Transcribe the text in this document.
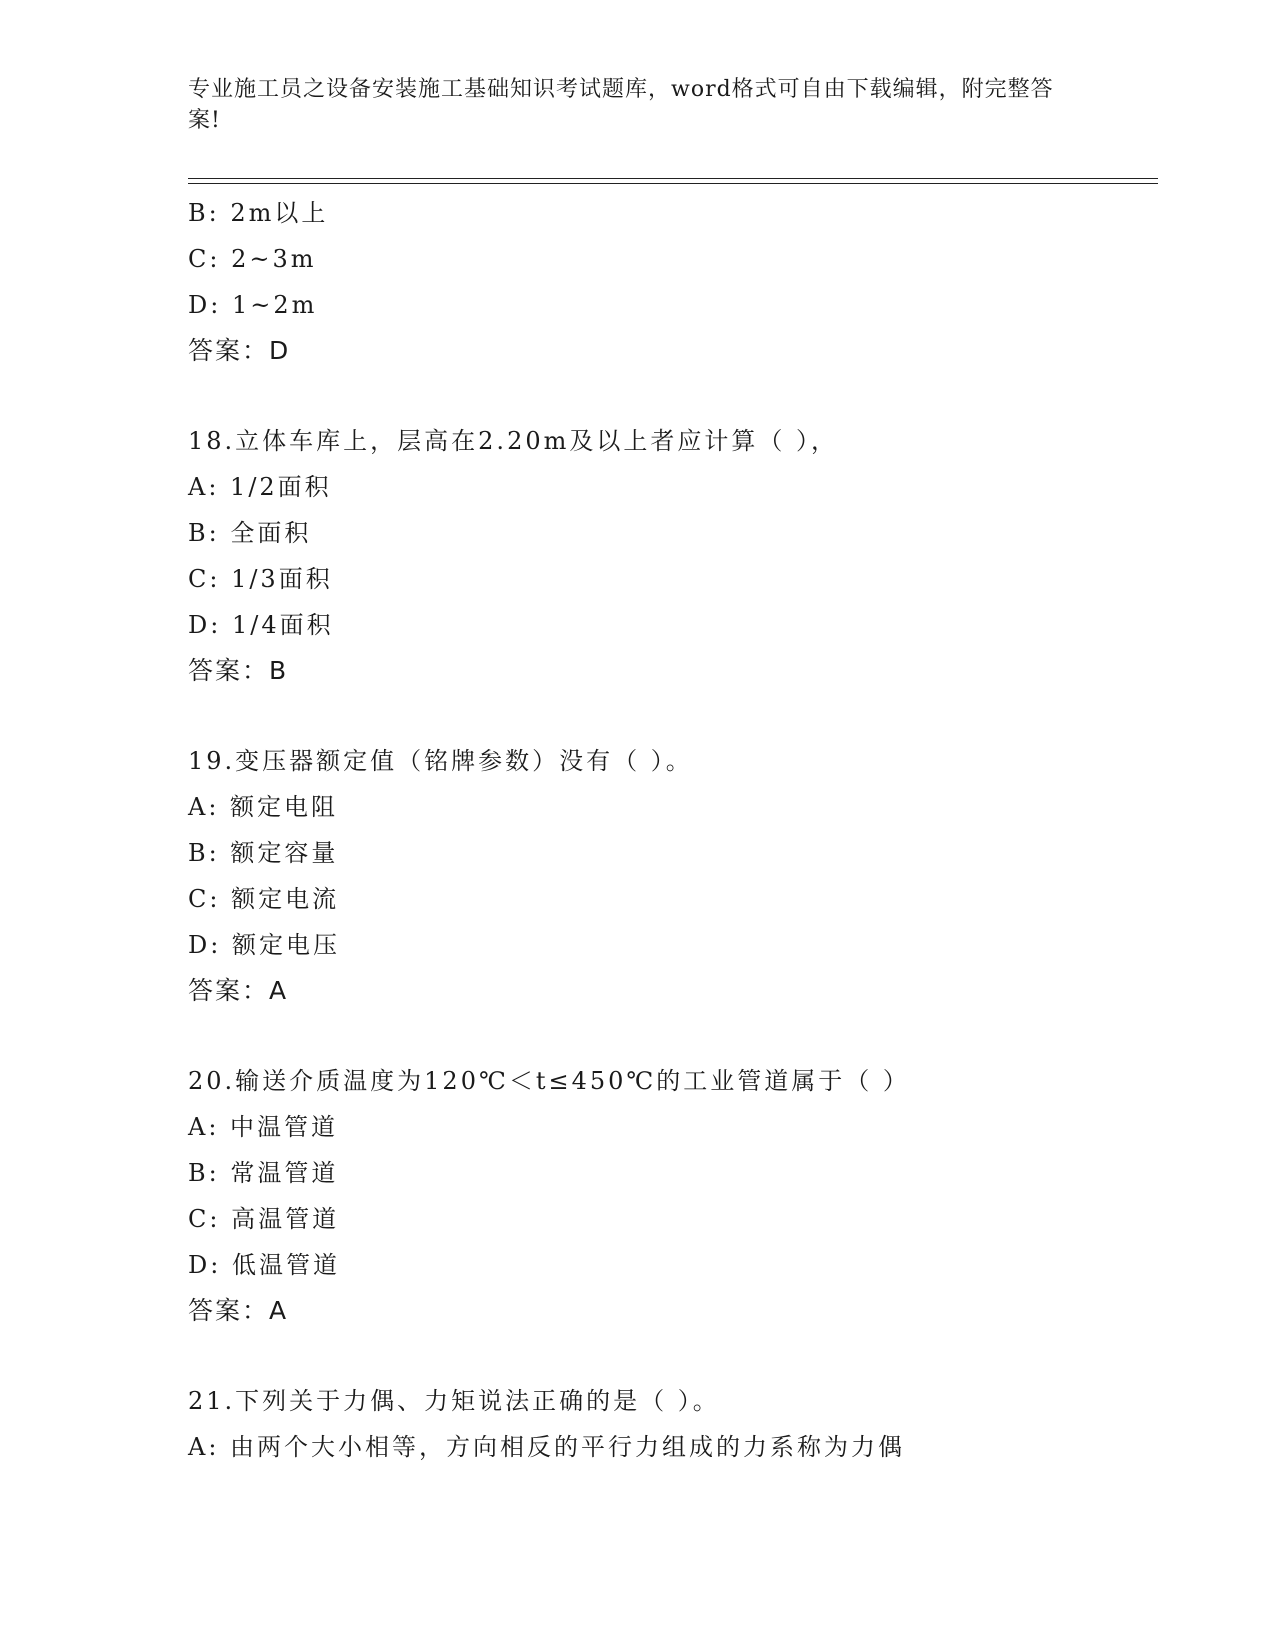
专业施工员之设备安装施工基础知识考试题库，word格式可自由下载编辑，附完整答案!
B: 2m以上
C: 2~3m
D: 1~2m
答案：D
18.立体车库上，层高在2.20m及以上者应计算（ ），
A: 1/2面积
B: 全面积
C: 1/3面积
D: 1/4面积
答案：B
19.变压器额定值（铭牌参数）没有（ ）。
A: 额定电阻
B: 额定容量
C: 额定电流
D: 额定电压
答案：A
20.输送介质温度为120℃＜t≤450℃的工业管道属于（ ）
A: 中温管道
B: 常温管道
C: 高温管道
D: 低温管道
答案：A
21.下列关于力偶、力矩说法正确的是（ ）。
A: 由两个大小相等，方向相反的平行力组成的力系称为力偶
